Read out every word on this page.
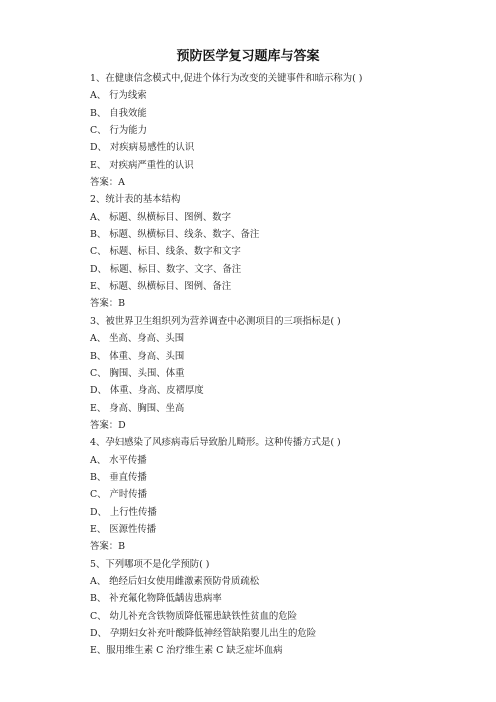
预防医学复习题库与答案
1、在健康信念模式中,促进个体行为改变的关键事件和暗示称为( )
A、 行为线索
B、 自我效能
C、 行为能力
D、 对疾病易感性的认识
E、 对疾病严重性的认识
答案：A
2、统计表的基本结构
A、 标题、纵横标目、图例、数字
B、 标题、纵横标目、线条、数字、备注
C、 标题、标目、线条、数字和文字
D、 标题、标目、数字、文字、备注
E、 标题、纵横标目、图例、备注
答案：B
3、被世界卫生组织列为营养调查中必测项目的三项指标是( )
A、 坐高、身高、头围
B、 体重、身高、头围
C、 胸围、头围、体重
D、 体重、身高、皮褶厚度
E、 身高、胸围、坐高
答案：D
4、孕妇感染了风疹病毒后导致胎儿畸形。这种传播方式是( )
A、 水平传播
B、 垂直传播
C、 产时传播
D、 上行性传播
E、 医源性传播
答案：B
5、下列哪项不是化学预防( )
A、 绝经后妇女使用雌激素预防骨质疏松
B、 补充氟化物降低龋齿患病率
C、 幼儿补充含铁物质降低罹患缺铁性贫血的危险
D、 孕期妇女补充叶酸降低神经管缺陷婴儿出生的危险
E、服用维生素 C 治疗维生素 C 缺乏症坏血病
